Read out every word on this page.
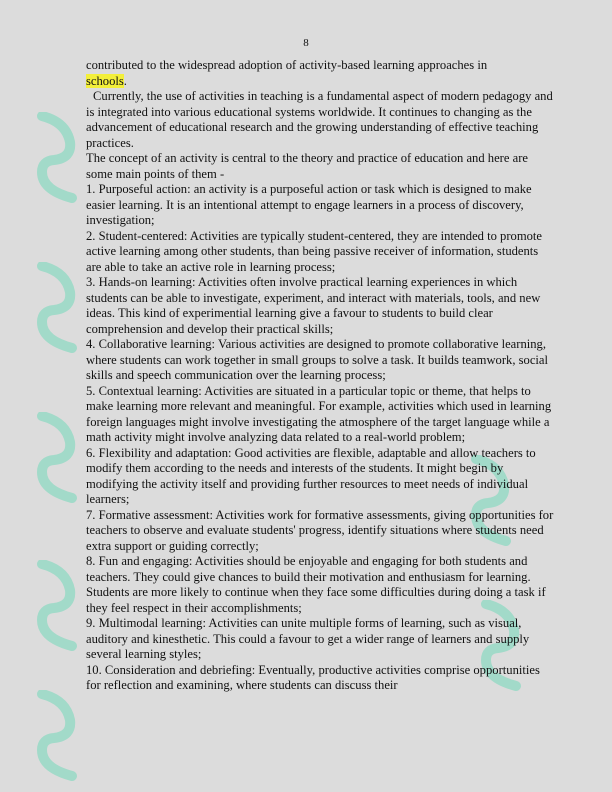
8

contributed to the widespread adoption of activity-based learning approaches in
schools.

Currently, the use of activities in teaching is a fundamental aspect of modern pedagogy and is integrated into various educational systems worldwide. It continues to changing as the advancement of educational research and the growing understanding of effective teaching practices.

The concept of an activity is central to the theory and practice of education and here are some main points of them -

1. Purposeful action: an activity is a purposeful action or task which is designed to make easier learning. It is an intentional attempt to engage learners in a process of discovery, investigation;

2. Student-centered: Activities are typically student-centered, they are intended to promote active learning among other students, than being passive receiver of information, students are able to take an active role in learning process;

3. Hands-on learning: Activities often involve practical learning experiences in which students can be able to investigate, experiment, and interact with materials, tools, and new ideas. This kind of experimential learning give a favour to students to build clear comprehension and develop their practical skills;

4. Collaborative learning: Various activities are designed to promote collaborative learning, where students can work together in small groups to solve a task. It builds teamwork, social skills and speech communication over the learning process;

5. Contextual learning: Activities are situated in a particular topic or theme, that helps to make learning more relevant and meaningful. For example, activities which used in learning foreign languages might involve investigating the atmosphere of the target language while a math activity might involve analyzing data related to a real-world problem;

6. Flexibility and adaptation: Good activities are flexible, adaptable and allow teachers to modify them according to the needs and interests of the students. It might begin by modifying the activity itself and providing further resources to meet needs of individual learners;

7. Formative assessment: Activities work for formative assessments, giving opportunities for teachers to observe and evaluate students' progress, identify situations where students need extra support or guiding correctly;

8. Fun and engaging: Activities should be enjoyable and engaging for both students and teachers. They could give chances to build their motivation and enthusiasm for learning. Students are more likely to continue when they face some difficulties during doing a task if they feel respect in their accomplishments;

9. Multimodal learning: Activities can unite multiple forms of learning, such as visual, auditory and kinesthetic. This could a favour to get a wider range of learners and supply several learning styles;

10. Consideration and debriefing: Eventually, productive activities comprise opportunities for reflection and examining, where students can discuss their
